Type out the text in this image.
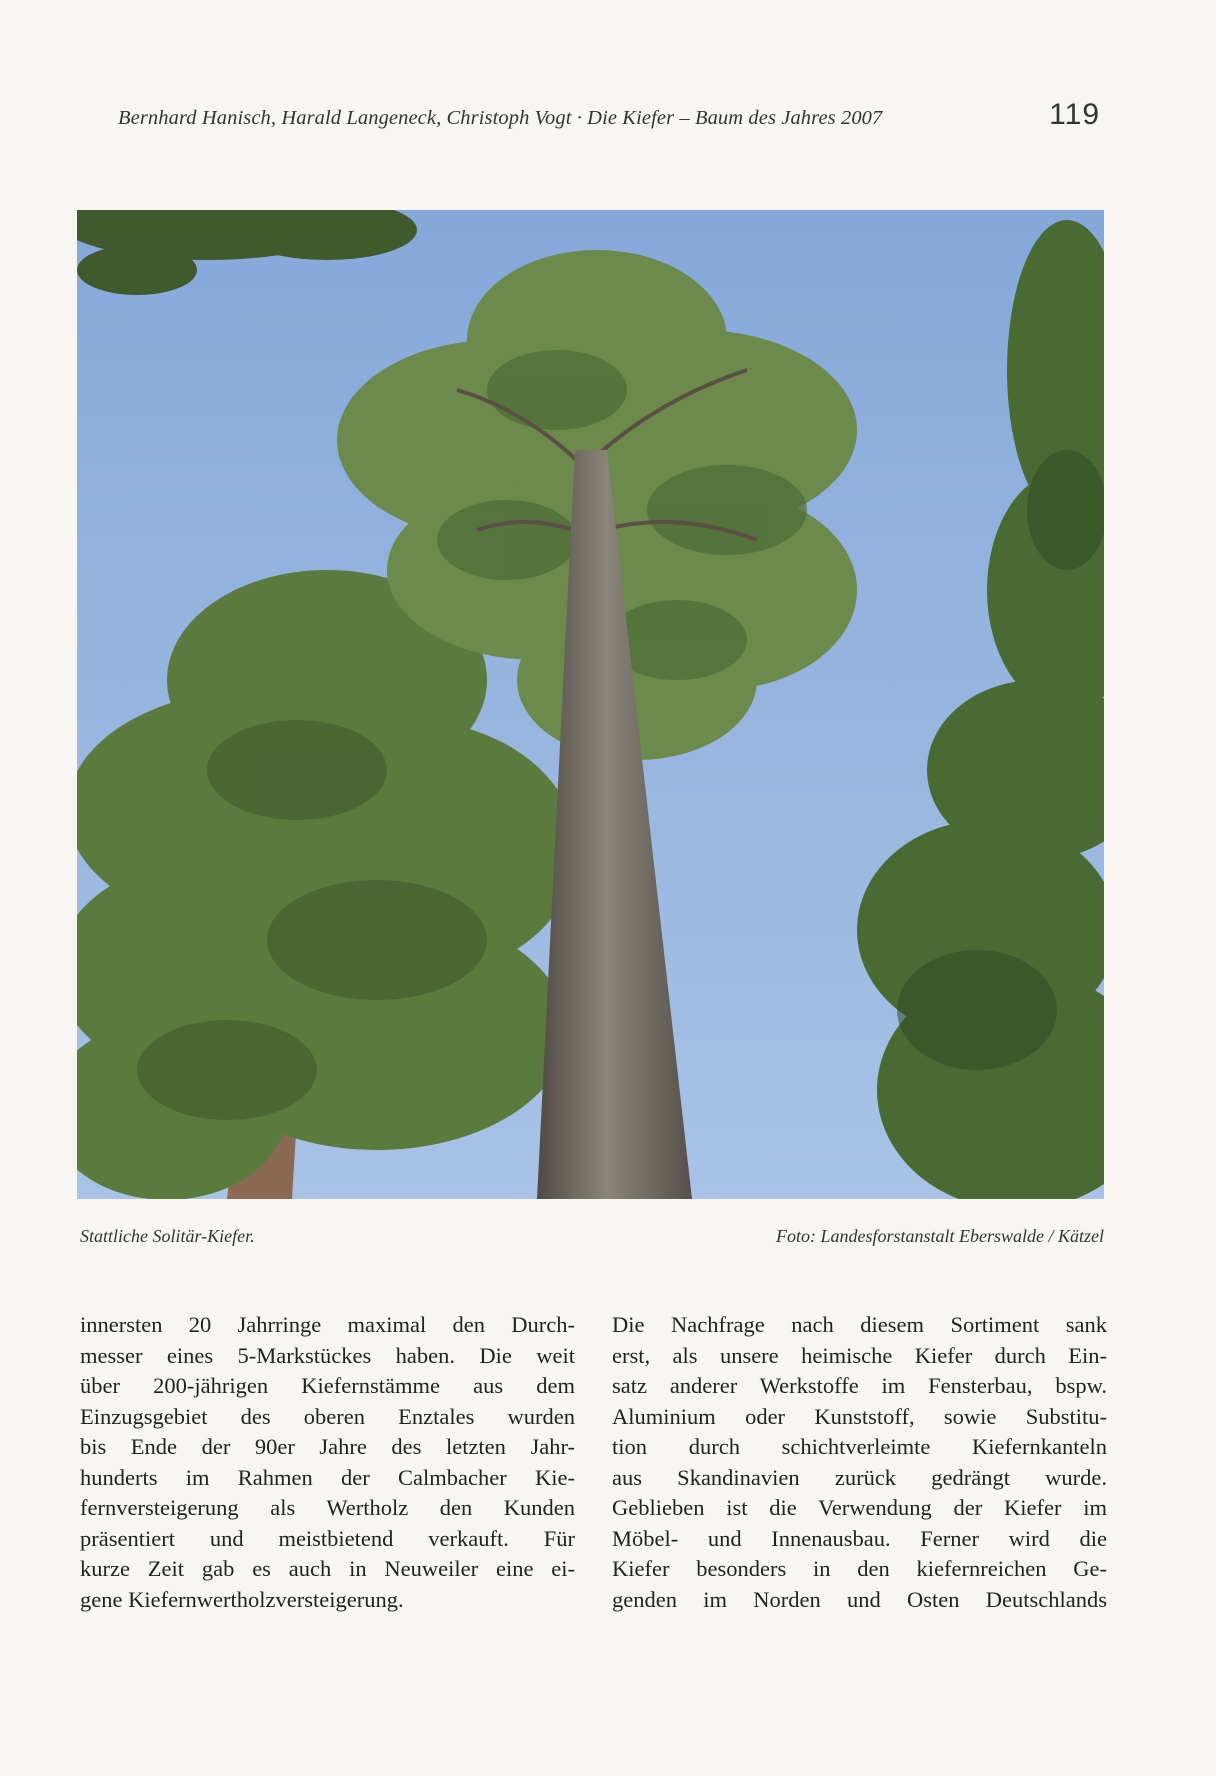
Bernhard Hanisch, Harald Langeneck, Christoph Vogt · Die Kiefer – Baum des Jahres 2007	119
Stattliche Solitär-Kiefer.	Foto: Landesforstanstalt Eberswalde / Kätzel
innersten 20 Jahrringe maximal den Durch-
messer eines 5-Markstückes haben. Die weit
über 200-jährigen Kiefernstämme aus dem
Einzugsgebiet des oberen Enztales wurden
bis Ende der 90er Jahre des letzten Jahr-
hunderts im Rahmen der Calmbacher Kie-
fernversteigerung als Wertholz den Kunden
präsentiert und meistbietend verkauft. Für
kurze Zeit gab es auch in Neuweiler eine ei-
gene Kiefernwertholzversteigerung.
Die Nachfrage nach diesem Sortiment sank
erst, als unsere heimische Kiefer durch Ein-
satz anderer Werkstoffe im Fensterbau, bspw.
Aluminium oder Kunststoff, sowie Substitu-
tion durch schichtverleimte Kiefernkanteln
aus Skandinavien zurück gedrängt wurde.
Geblieben ist die Verwendung der Kiefer im
Möbel- und Innenausbau. Ferner wird die
Kiefer besonders in den kiefernreichen Ge-
genden im Norden und Osten Deutschlands
